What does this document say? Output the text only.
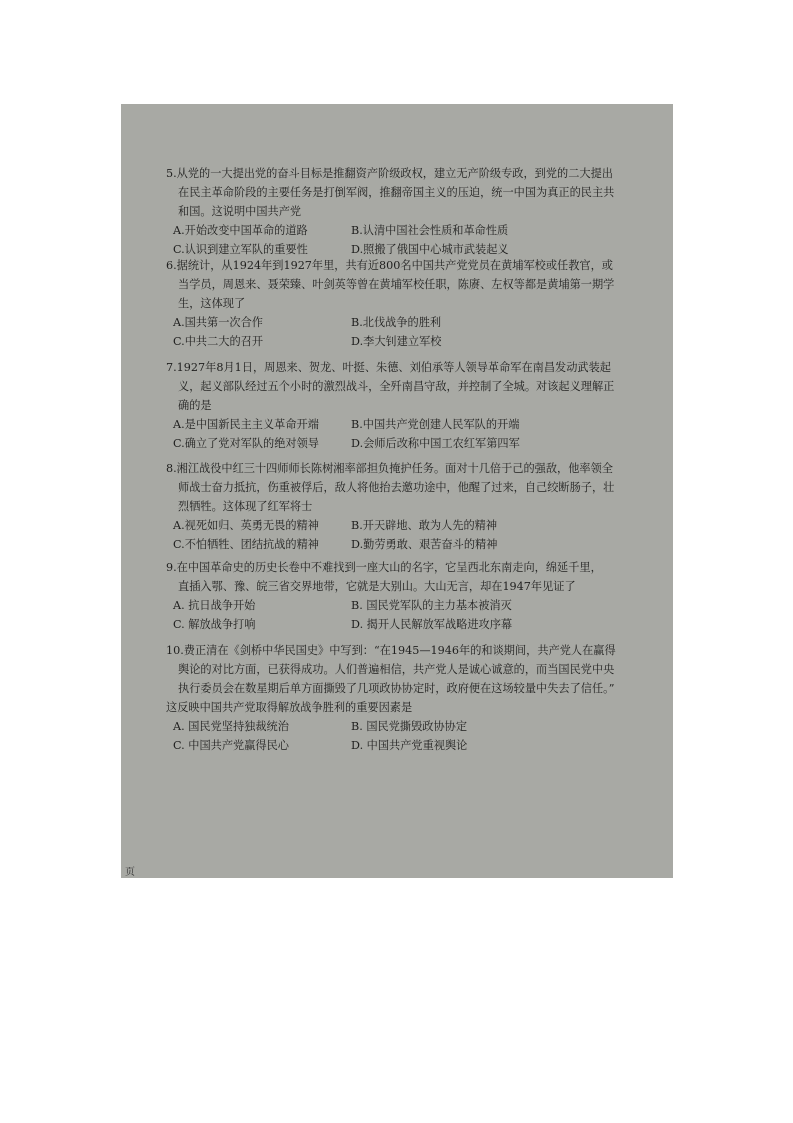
5.从党的一大提出党的奋斗目标是推翻资产阶级政权，建立无产阶级专政，到党的二大提出
在民主革命阶段的主要任务是打倒军阀，推翻帝国主义的压迫，统一中国为真正的民主共
和国。这说明中国共产党
A.开始改变中国革命的道路	B.认清中国社会性质和革命性质
C.认识到建立军队的重要性	D.照搬了俄国中心城市武装起义
6.据统计，从1924年到1927年里，共有近800名中国共产党党员在黄埔军校或任教官，或
当学员，周恩来、聂荣臻、叶剑英等曾在黄埔军校任职，陈赓、左权等都是黄埔第一期学
生，这体现了
A.国共第一次合作	B.北伐战争的胜利
C.中共二大的召开	D.李大钊建立军校
7.1927年8月1日，周恩来、贺龙、叶挺、朱德、刘伯承等人领导革命军在南昌发动武装起
义，起义部队经过五个小时的激烈战斗，全歼南昌守敌，并控制了全城。对该起义理解正
确的是
A.是中国新民主主义革命开端	B.中国共产党创建人民军队的开端
C.确立了党对军队的绝对领导	D.会师后改称中国工农红军第四军
8.湘江战役中红三十四师师长陈树湘率部担负掩护任务。面对十几倍于己的强敌，他率领全
师战士奋力抵抗，伤重被俘后，敌人将他抬去邀功途中，他醒了过来，自己绞断肠子，壮
烈牺牲。这体现了红军将士
A.视死如归、英勇无畏的精神	B.开天辟地、敢为人先的精神
C.不怕牺牲、团结抗战的精神	D.勤劳勇敢、艰苦奋斗的精神
9.在中国革命史的历史长卷中不难找到一座大山的名字，它呈西北东南走向，绵延千里，
直插入鄂、豫、皖三省交界地带，它就是大别山。大山无言，却在1947年见证了
A. 抗日战争开始	B. 国民党军队的主力基本被消灭
C. 解放战争打响	D. 揭开人民解放军战略进攻序幕
10.费正清在《剑桥中华民国史》中写到：“在1945—1946年的和谈期间，共产党人在赢得
舆论的对比方面，已获得成功。人们普遍相信，共产党人是诚心诚意的，而当国民党中央
执行委员会在数星期后单方面撕毁了几项政协协定时，政府便在这场较量中失去了信任。”
这反映中国共产党取得解放战争胜利的重要因素是
A. 国民党坚持独裁统治	B. 国民党撕毁政协协定
C. 中国共产党赢得民心	D. 中国共产党重视舆论
页
